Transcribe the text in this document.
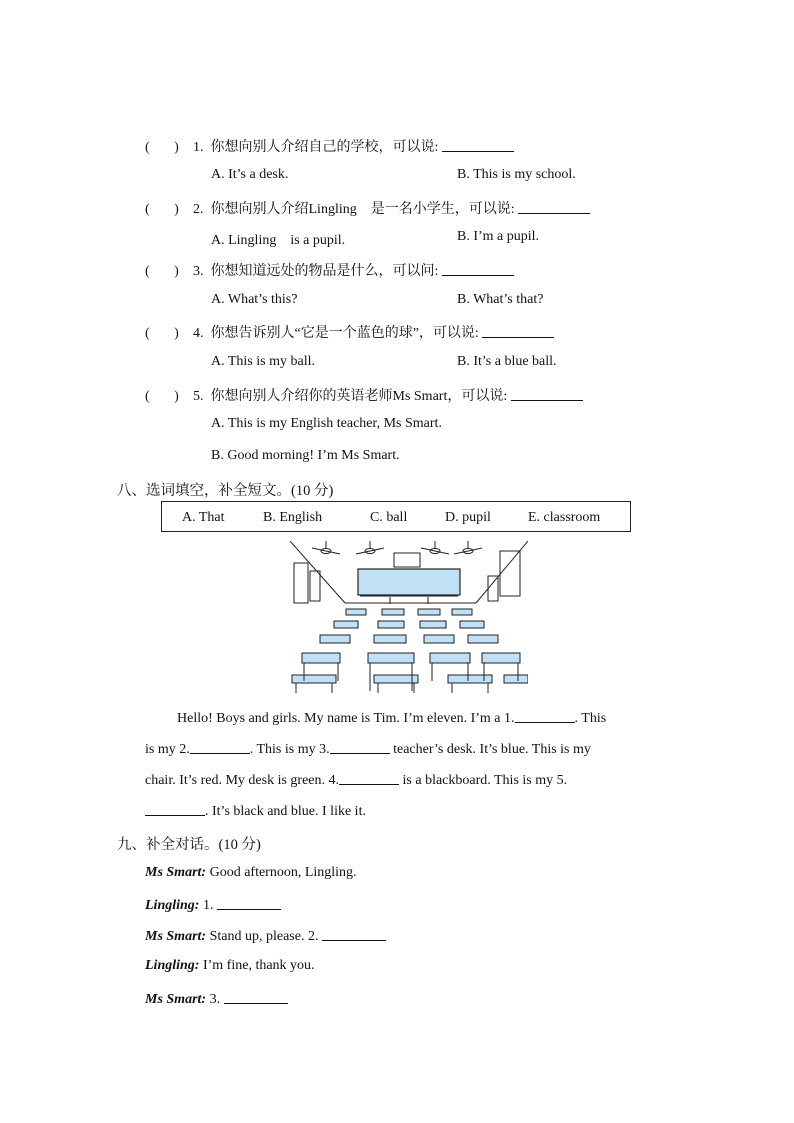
( ) 1. 你想向别人介绍自己的学校，可以说:
A. It’s a desk.	B. This is my school.
( ) 2. 你想向别人介绍Lingling　是一名小学生，可以说:
A. Lingling　is a pupil.	B. I’m a pupil.
( ) 3. 你想知道远处的物品是什么，可以问:
A. What’s this?	B. What’s that?
( ) 4. 你想告诉别人“它是一个蓝色的球”，可以说:
A. This is my ball.	B. It’s a blue ball.
( ) 5. 你想向别人介绍你的英语老师Ms Smart，可以说:
A. This is my English teacher, Ms Smart.
B. Good morning! I’m Ms Smart.
八、选词填空，补全短文。(10 分)
A. That	B. English	C. ball	D. pupil	E. classroom
Hello! Boys and girls. My name is Tim. I’m eleven. I’m a 1.	. This
is my 2.	. This is my 3.	teacher’s desk. It’s blue. This is my
chair. It’s red. My desk is green. 4.	is a blackboard. This is my 5.
. It’s black and blue. I like it.
九、补全对话。(10 分)
Ms Smart: Good afternoon, Lingling.
Lingling: 1.
Ms Smart: Stand up, please. 2.
Lingling: I’m fine, thank you.
Ms Smart: 3.
